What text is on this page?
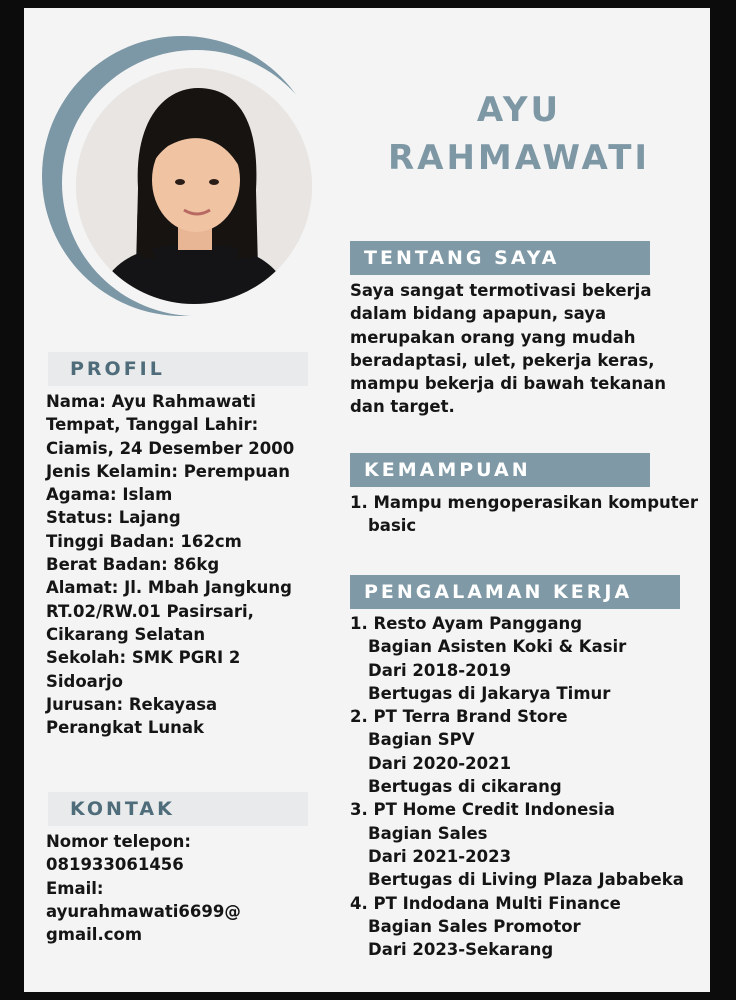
AYU
RAHMAWATI
PROFIL

Nama: Ayu Rahmawati

Tempat, Tanggal Lahir:

Ciamis, 24 Desember 2000

Jenis Kelamin: Perempuan

Agama: Islam

Status: Lajang

Tinggi Badan: 162cm

Berat Badan: 86kg

Alamat: Jl. Mbah Jangkung

RT.02/RW.01 Pasirsari,

Cikarang Selatan

Sekolah: SMK PGRI 2

Sidoarjo

Jurusan: Rekayasa

Perangkat Lunak

KONTAK

Nomor telepon:

081933061456

Email:

ayurahmawati6699@

gmail.com

TENTANG SAYA

Saya sangat termotivasi bekerja

dalam bidang apapun, saya

merupakan orang yang mudah

beradaptasi, ulet, pekerja keras,

mampu bekerja di bawah tekanan

dan target.

KEMAMPUAN

1. Mampu mengoperasikan komputer

basic

PENGALAMAN KERJA

1. Resto Ayam Panggang

Bagian Asisten Koki & Kasir

Dari 2018-2019

Bertugas di Jakarya Timur

2. PT Terra Brand Store

Bagian SPV

Dari 2020-2021

Bertugas di cikarang

3. PT Home Credit Indonesia

Bagian Sales

Dari 2021-2023

Bertugas di Living Plaza Jababeka

4. PT Indodana Multi Finance

Bagian Sales Promotor

Dari 2023-Sekarang
